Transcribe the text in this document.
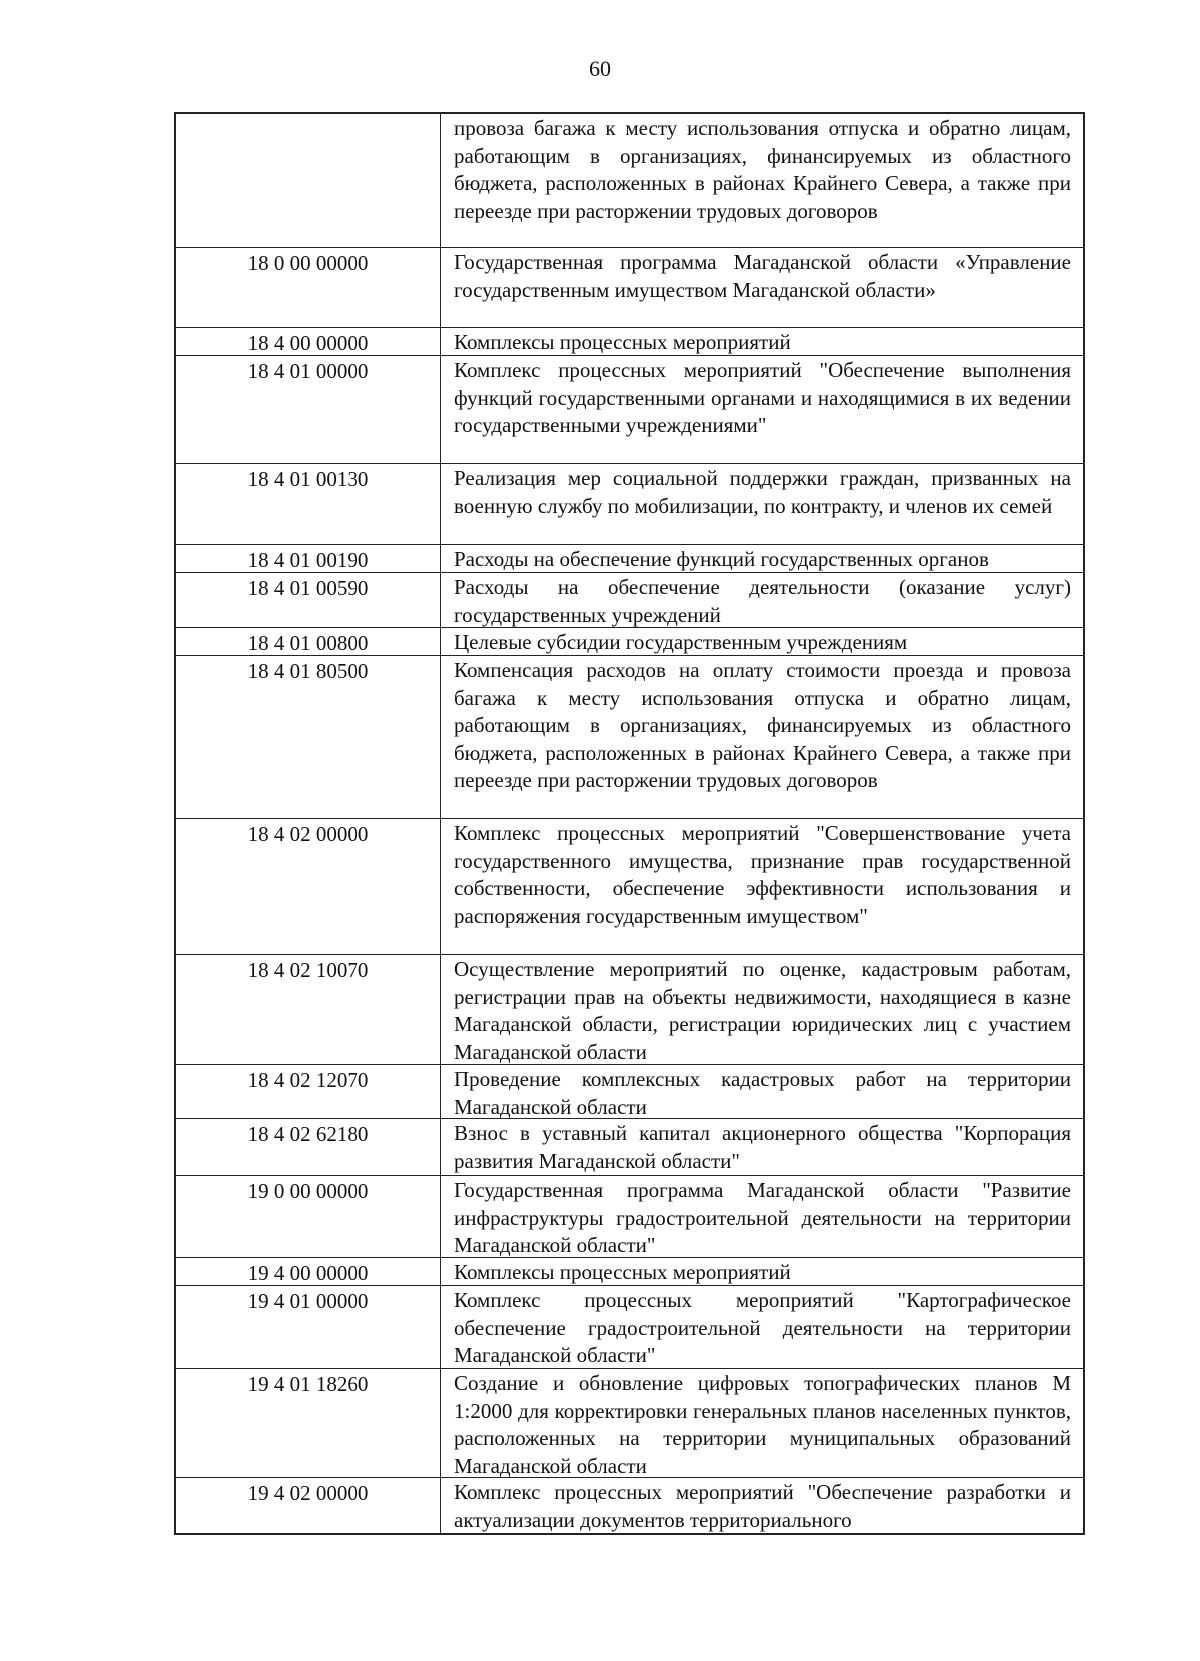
60
провоза багажа к месту использования отпуска и обратно лицам, работающим в организациях, финансируемых из областного бюджета, расположенных в районах Крайнего Севера, а также при переезде при расторжении трудовых договоров
18 0 00 00000	Государственная программа Магаданской области «Управление государственным имуществом Магаданской области»
18 4 00 00000	Комплексы процессных мероприятий
18 4 01 00000	Комплекс процессных мероприятий "Обеспечение выполнения функций государственными органами и находящимися в их ведении государственными учреждениями"
18 4 01 00130	Реализация мер социальной поддержки граждан, призванных на военную службу по мобилизации, по контракту, и членов их семей
18 4 01 00190	Расходы на обеспечение функций государственных органов
18 4 01 00590	Расходы на обеспечение деятельности (оказание услуг) государственных учреждений
18 4 01 00800	Целевые субсидии государственным учреждениям
18 4 01 80500	Компенсация расходов на оплату стоимости проезда и провоза багажа к месту использования отпуска и обратно лицам, работающим в организациях, финансируемых из областного бюджета, расположенных в районах Крайнего Севера, а также при переезде при расторжении трудовых договоров
18 4 02 00000	Комплекс процессных мероприятий "Совершенствование учета государственного имущества, признание прав государственной собственности, обеспечение эффективности использования и распоряжения государственным имуществом"
18 4 02 10070	Осуществление мероприятий по оценке, кадастровым работам, регистрации прав на объекты недвижимости, находящиеся в казне Магаданской области, регистрации юридических лиц с участием Магаданской области
18 4 02 12070	Проведение комплексных кадастровых работ на территории Магаданской области
18 4 02 62180	Взнос в уставный капитал акционерного общества "Корпорация развития Магаданской области"
19 0 00 00000	Государственная программа Магаданской области "Развитие инфраструктуры градостроительной деятельности на территории Магаданской области"
19 4 00 00000	Комплексы процессных мероприятий
19 4 01 00000	Комплекс процессных мероприятий "Картографическое обеспечение градостроительной деятельности на территории Магаданской области"
19 4 01 18260	Создание и обновление цифровых топографических планов М 1:2000 для корректировки генеральных планов населенных пунктов, расположенных на территории муниципальных образований Магаданской области
19 4 02 00000	Комплекс процессных мероприятий "Обеспечение разработки и актуализации документов территориального
